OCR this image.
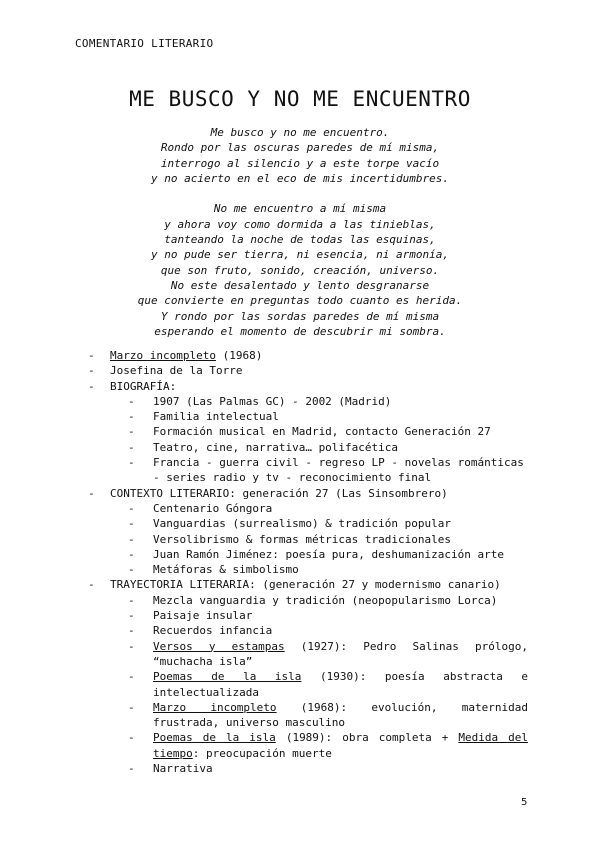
COMENTARIO LITERARIO
ME BUSCO Y NO ME ENCUENTRO
Me busco y no me encuentro.
Rondo por las oscuras paredes de mí misma,
interrogo al silencio y a este torpe vacío
y no acierto en el eco de mis incertidumbres.
No me encuentro a mí misma
y ahora voy como dormida a las tinieblas,
tanteando la noche de todas las esquinas,
y no pude ser tierra, ni esencia, ni armonía,
que son fruto, sonido, creación, universo.
No este desalentado y lento desgranarse
que convierte en preguntas todo cuanto es herida.
Y rondo por las sordas paredes de mí misma
esperando el momento de descubrir mi sombra.
- Marzo incompleto (1968)
- Josefina de la Torre
- BIOGRAFÍA:
- 1907 (Las Palmas GC) - 2002 (Madrid)
- Familia intelectual
- Formación musical en Madrid, contacto Generación 27
- Teatro, cine, narrativa… polifacética
- Francia - guerra civil - regreso LP - novelas románticas - series radio y tv - reconocimiento final
- CONTEXTO LITERARIO: generación 27 (Las Sinsombrero)
- Centenario Góngora
- Vanguardias (surrealismo) & tradición popular
- Versolibrismo & formas métricas tradicionales
- Juan Ramón Jiménez: poesía pura, deshumanización arte
- Metáforas & simbolismo
- TRAYECTORIA LITERARIA: (generación 27 y modernismo canario)
- Mezcla vanguardia y tradición (neopopularismo Lorca)
- Paisaje insular
- Recuerdos infancia
- Versos y estampas (1927): Pedro Salinas prólogo, “muchacha isla”
- Poemas de la isla (1930): poesía abstracta e intelectualizada
- Marzo incompleto (1968): evolución, maternidad frustrada, universo masculino
- Poemas de la isla (1989): obra completa + Medida del tiempo: preocupación muerte
- Narrativa
5
